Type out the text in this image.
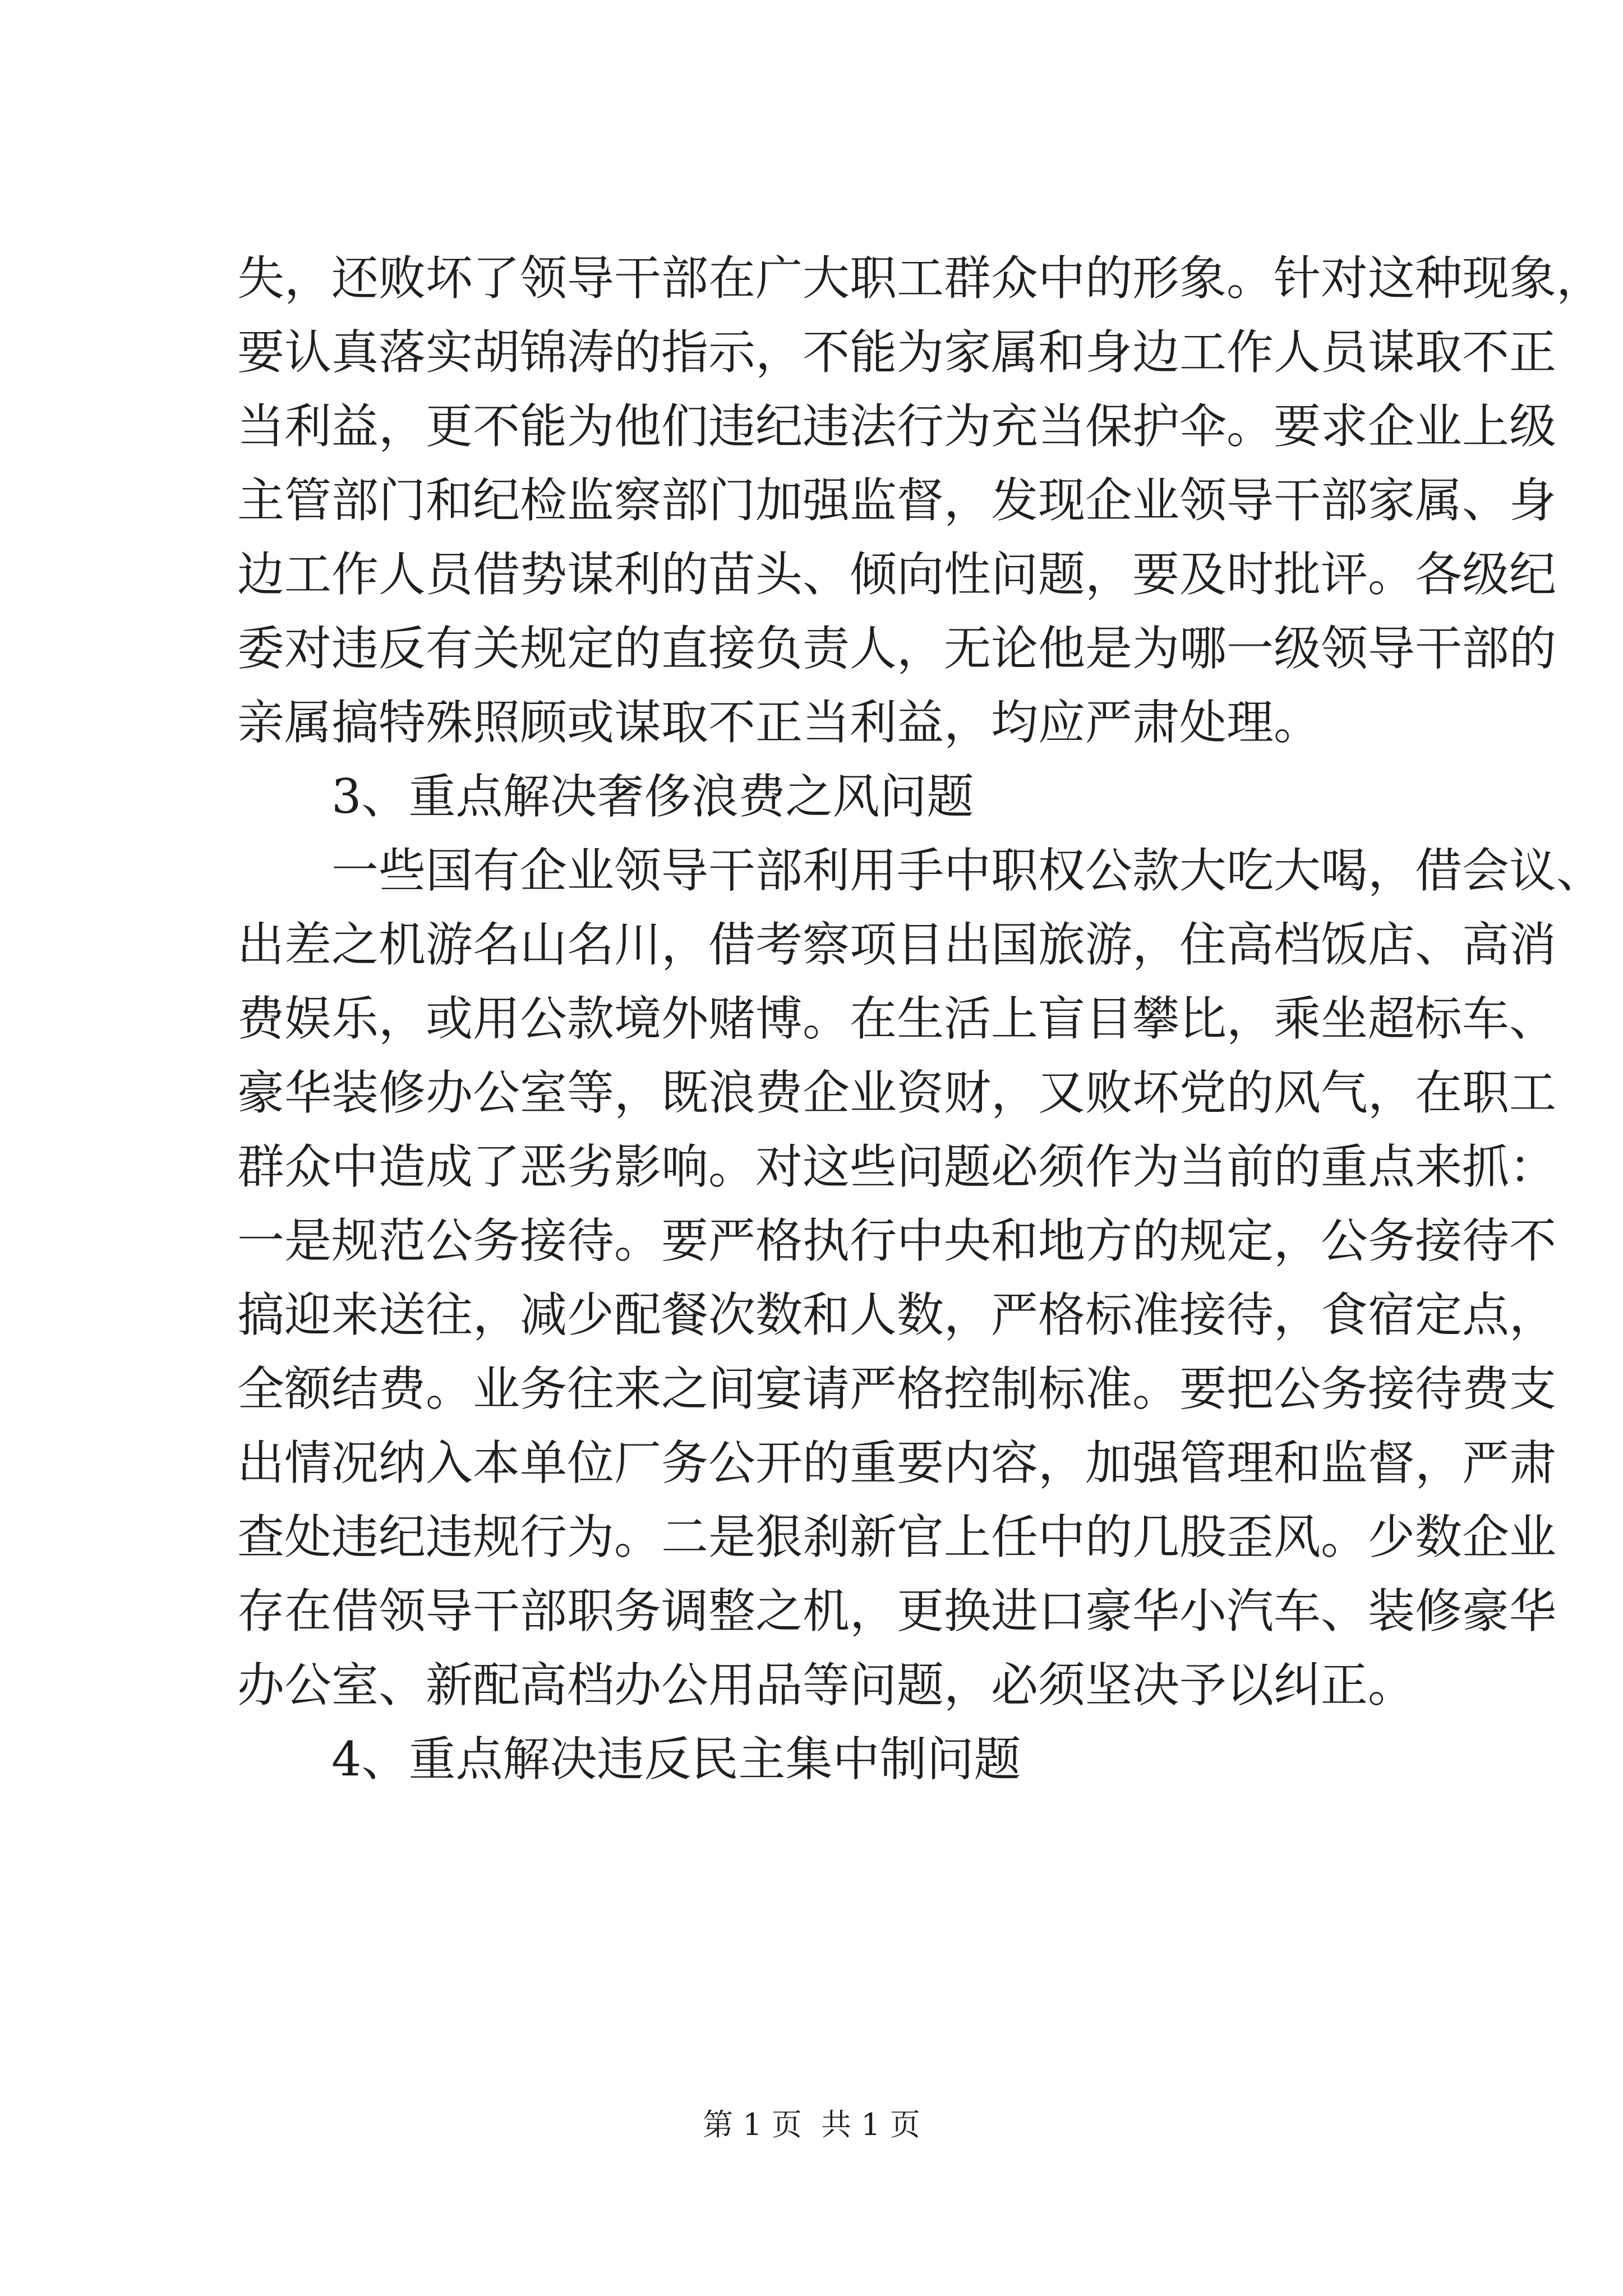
失，还败坏了领导干部在广大职工群众中的形象。针对这种现象，
要认真落实胡锦涛的指示，不能为家属和身边工作人员谋取不正
当利益，更不能为他们违纪违法行为充当保护伞。要求企业上级
主管部门和纪检监察部门加强监督，发现企业领导干部家属、身
边工作人员借势谋利的苗头、倾向性问题，要及时批评。各级纪
委对违反有关规定的直接负责人，无论他是为哪一级领导干部的
亲属搞特殊照顾或谋取不正当利益，均应严肃处理。
3、重点解决奢侈浪费之风问题
一些国有企业领导干部利用手中职权公款大吃大喝，借会议、
出差之机游名山名川，借考察项目出国旅游，住高档饭店、高消
费娱乐，或用公款境外赌博。在生活上盲目攀比，乘坐超标车、
豪华装修办公室等，既浪费企业资财，又败坏党的风气，在职工
群众中造成了恶劣影响。对这些问题必须作为当前的重点来抓：
一是规范公务接待。要严格执行中央和地方的规定，公务接待不
搞迎来送往，减少配餐次数和人数，严格标准接待，食宿定点，
全额结费。业务往来之间宴请严格控制标准。要把公务接待费支
出情况纳入本单位厂务公开的重要内容，加强管理和监督，严肃
查处违纪违规行为。二是狠刹新官上任中的几股歪风。少数企业
存在借领导干部职务调整之机，更换进口豪华小汽车、装修豪华
办公室、新配高档办公用品等问题，必须坚决予以纠正。
4、重点解决违反民主集中制问题
第 1 页  共 1 页
